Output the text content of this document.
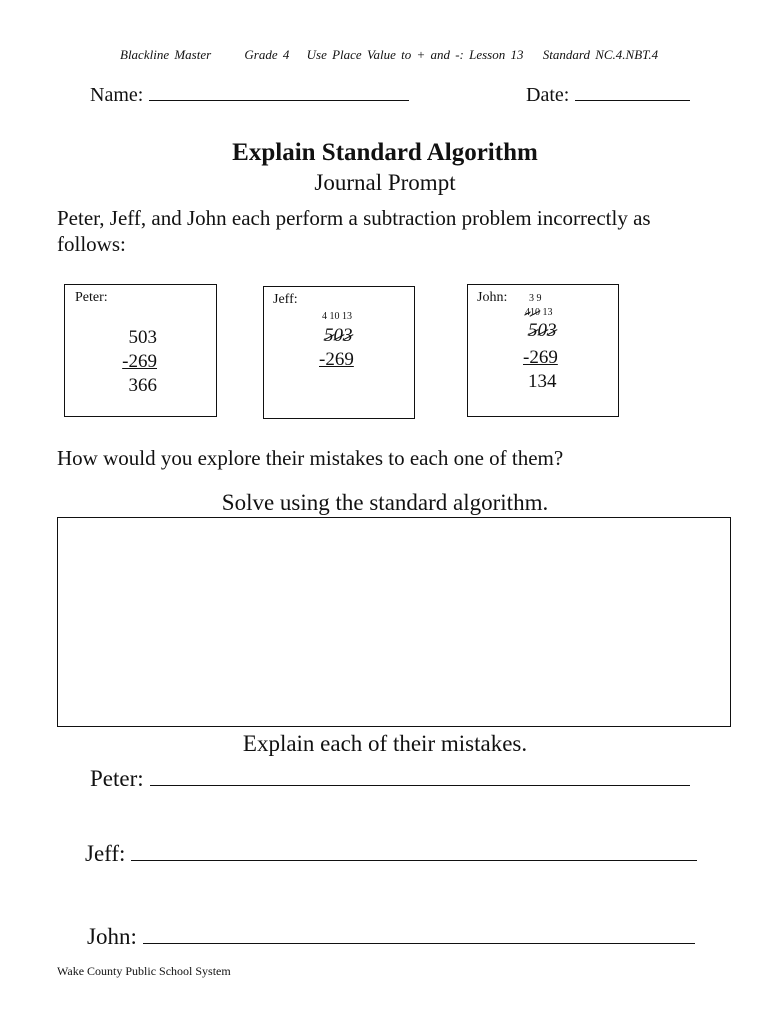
Blackline Master	Grade 4 Use Place Value to + and -: Lesson 13 Standard NC.4.NBT.4
Name:	Date:
Explain Standard Algorithm
Journal Prompt
Peter, Jeff, and John each perform a subtraction problem incorrectly as follows:
Peter:
503
-269
366
Jeff:
4 10 13
503
-269
John: 3 9
410 13
503
-269
134
How would you explore their mistakes to each one of them?
Solve using the standard algorithm.
Explain each of their mistakes.
Peter:
Jeff:
John:
Wake County Public School System
